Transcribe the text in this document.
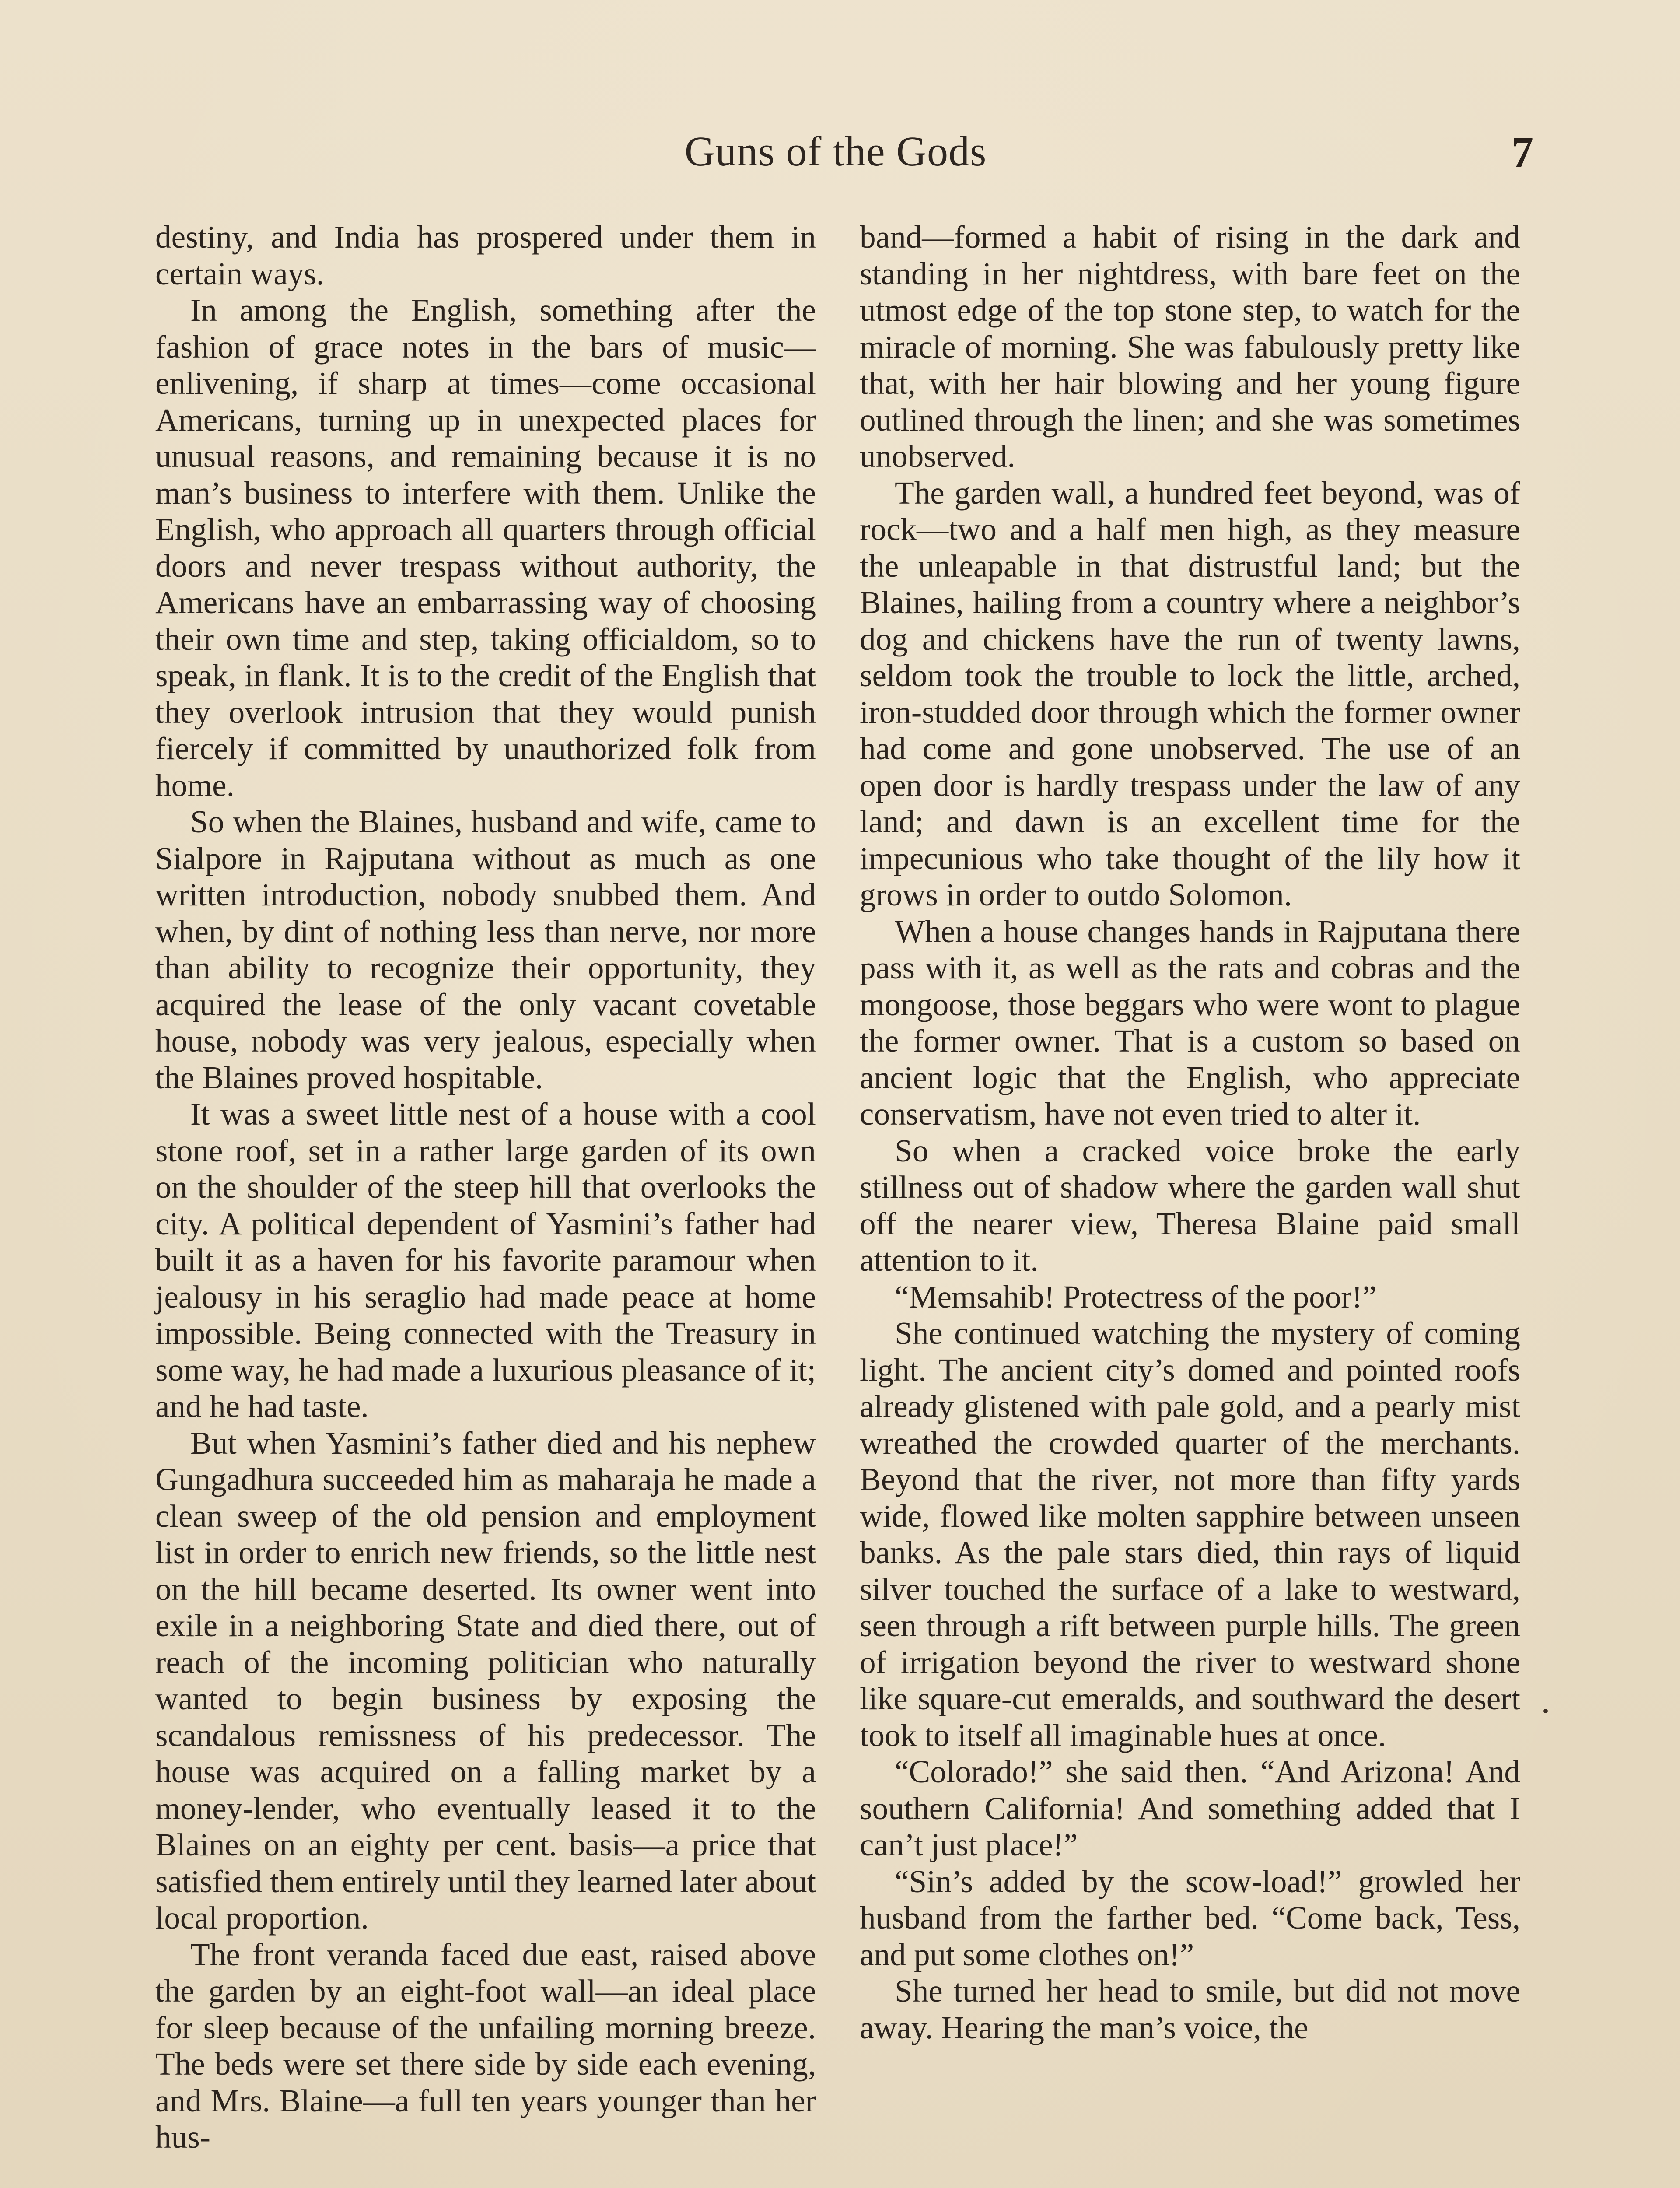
Guns of the Gods	7

destiny, and India has prospered under them in certain ways.

In among the English, something after the fashion of grace notes in the bars of music—enlivening, if sharp at times—come occasional Americans, turning up in unexpected places for unusual reasons, and remaining because it is no man’s business to interfere with them. Unlike the English, who approach all quarters through official doors and never trespass without authority, the Americans have an embarrassing way of choosing their own time and step, taking officialdom, so to speak, in flank. It is to the credit of the English that they overlook intrusion that they would punish fiercely if committed by unauthorized folk from home.

So when the Blaines, husband and wife, came to Sialpore in Rajputana without as much as one written introduction, nobody snubbed them. And when, by dint of nothing less than nerve, nor more than ability to recognize their opportunity, they acquired the lease of the only vacant covetable house, nobody was very jealous, especially when the Blaines proved hospitable.

It was a sweet little nest of a house with a cool stone roof, set in a rather large garden of its own on the shoulder of the steep hill that overlooks the city. A political dependent of Yasmini’s father had built it as a haven for his favorite paramour when jealousy in his seraglio had made peace at home impossible. Being connected with the Treasury in some way, he had made a luxurious pleasance of it; and he had taste.

But when Yasmini’s father died and his nephew Gungadhura succeeded him as maharaja he made a clean sweep of the old pension and employment list in order to enrich new friends, so the little nest on the hill became deserted. Its owner went into exile in a neighboring State and died there, out of reach of the incoming politician who naturally wanted to begin business by exposing the scandalous remissness of his predecessor. The house was acquired on a falling market by a money-lender, who eventually leased it to the Blaines on an eighty per cent. basis—a price that satisfied them entirely until they learned later about local proportion.

The front veranda faced due east, raised above the garden by an eight-foot wall—an ideal place for sleep because of the unfailing morning breeze. The beds were set there side by side each evening, and Mrs. Blaine—a full ten years younger than her hus-

band—formed a habit of rising in the dark and standing in her nightdress, with bare feet on the utmost edge of the top stone step, to watch for the miracle of morning. She was fabulously pretty like that, with her hair blowing and her young figure outlined through the linen; and she was sometimes unobserved.

The garden wall, a hundred feet beyond, was of rock—two and a half men high, as they measure the unleapable in that distrustful land; but the Blaines, hailing from a country where a neighbor’s dog and chickens have the run of twenty lawns, seldom took the trouble to lock the little, arched, iron-studded door through which the former owner had come and gone unobserved. The use of an open door is hardly trespass under the law of any land; and dawn is an excellent time for the impecunious who take thought of the lily how it grows in order to outdo Solomon.

When a house changes hands in Rajputana there pass with it, as well as the rats and cobras and the mongoose, those beggars who were wont to plague the former owner. That is a custom so based on ancient logic that the English, who appreciate conservatism, have not even tried to alter it.

So when a cracked voice broke the early stillness out of shadow where the garden wall shut off the nearer view, Theresa Blaine paid small attention to it.

“Memsahib! Protectress of the poor!”

She continued watching the mystery of coming light. The ancient city’s domed and pointed roofs already glistened with pale gold, and a pearly mist wreathed the crowded quarter of the merchants. Beyond that the river, not more than fifty yards wide, flowed like molten sapphire between unseen banks. As the pale stars died, thin rays of liquid silver touched the surface of a lake to westward, seen through a rift between purple hills. The green of irrigation beyond the river to westward shone like square-cut emeralds, and southward the desert took to itself all imaginable hues at once.

“Colorado!” she said then. “And Arizona! And southern California! And something added that I can’t just place!”

“Sin’s added by the scow-load!” growled her husband from the farther bed. “Come back, Tess, and put some clothes on!”

She turned her head to smile, but did not move away. Hearing the man’s voice, the
